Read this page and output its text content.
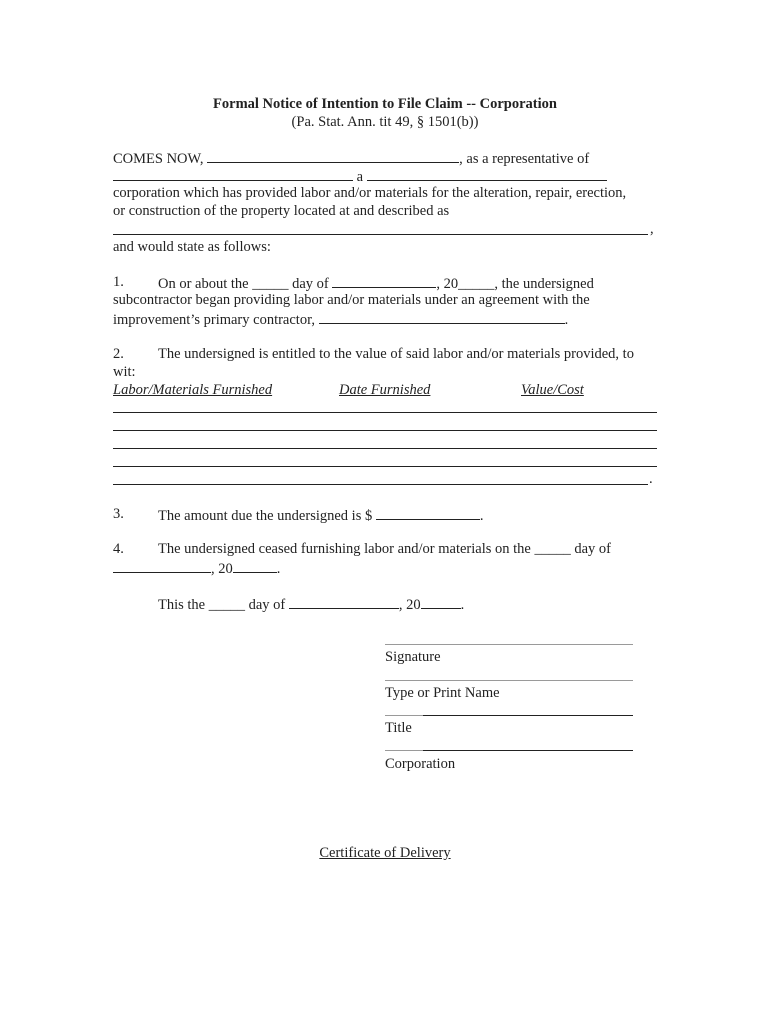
Formal Notice of Intention to File Claim -- Corporation
(Pa. Stat. Ann. tit 49, § 1501(b))
COMES NOW,	, as a representative of
a
corporation which has provided labor and/or materials for the alteration, repair, erection,
or construction of the property located at and described as
,
and would state as follows:
1. On or about the _____ day of	, 20_____, the undersigned
subcontractor began providing labor and/or materials under an agreement with the
improvement’s primary contractor,	.
2. The undersigned is entitled to the value of said labor and/or materials provided, to
wit:
Labor/Materials Furnished	Date Furnished	Value/Cost
.
3. The amount due the undersigned is $	.
4. The undersigned ceased furnishing labor and/or materials on the _____ day of
, 20	.
This the _____ day of	, 20	.
Signature
Type or Print Name
Title
Corporation
Certificate of Delivery
